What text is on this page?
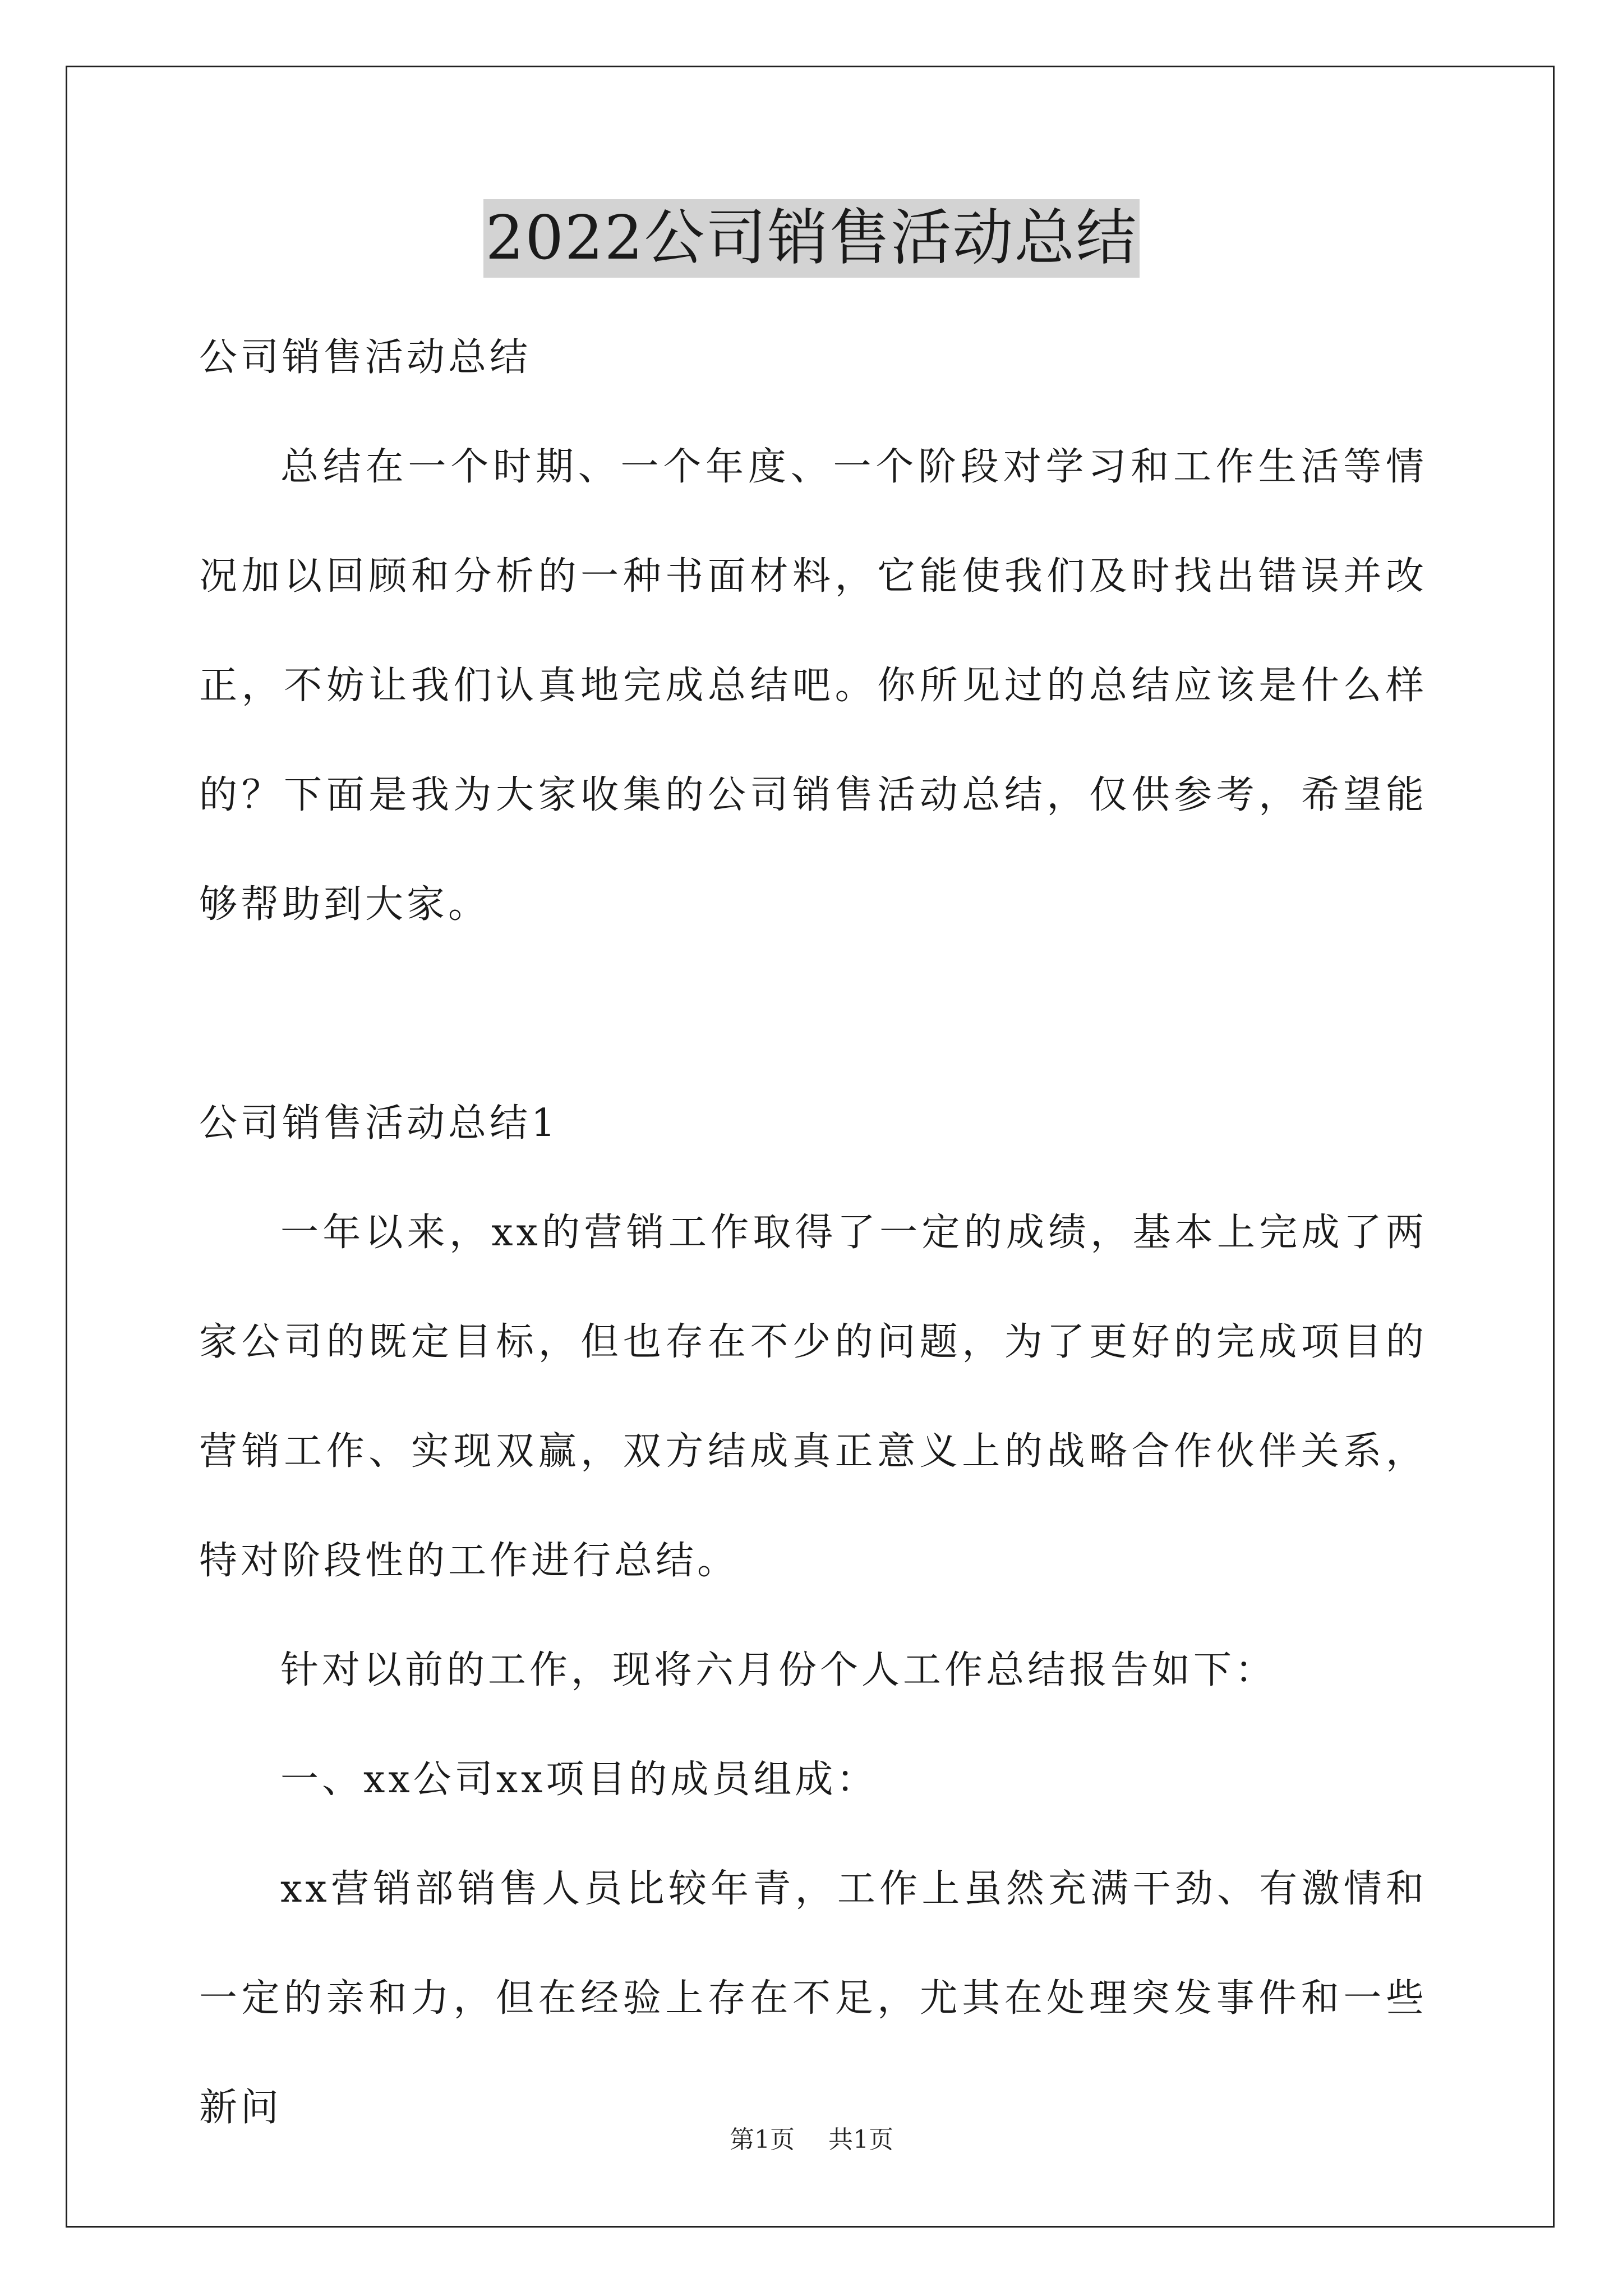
2022公司销售活动总结

公司销售活动总结

总结在一个时期、一个年度、一个阶段对学习和工作生活等情况加以回顾和分析的一种书面材料，它能使我们及时找出错误并改正，不妨让我们认真地完成总结吧。你所见过的总结应该是什么样的？下面是我为大家收集的公司销售活动总结，仅供参考，希望能够帮助到大家。

公司销售活动总结1

一年以来，xx的营销工作取得了一定的成绩，基本上完成了两家公司的既定目标，但也存在不少的问题，为了更好的完成项目的营销工作、实现双赢，双方结成真正意义上的战略合作伙伴关系，特对阶段性的工作进行总结。

针对以前的工作，现将六月份个人工作总结报告如下：

一、xx公司xx项目的成员组成：

xx营销部销售人员比较年青，工作上虽然充满干劲、有激情和一定的亲和力，但在经验上存在不足，尤其在处理突发事件和一些新问

第1页 共1页
